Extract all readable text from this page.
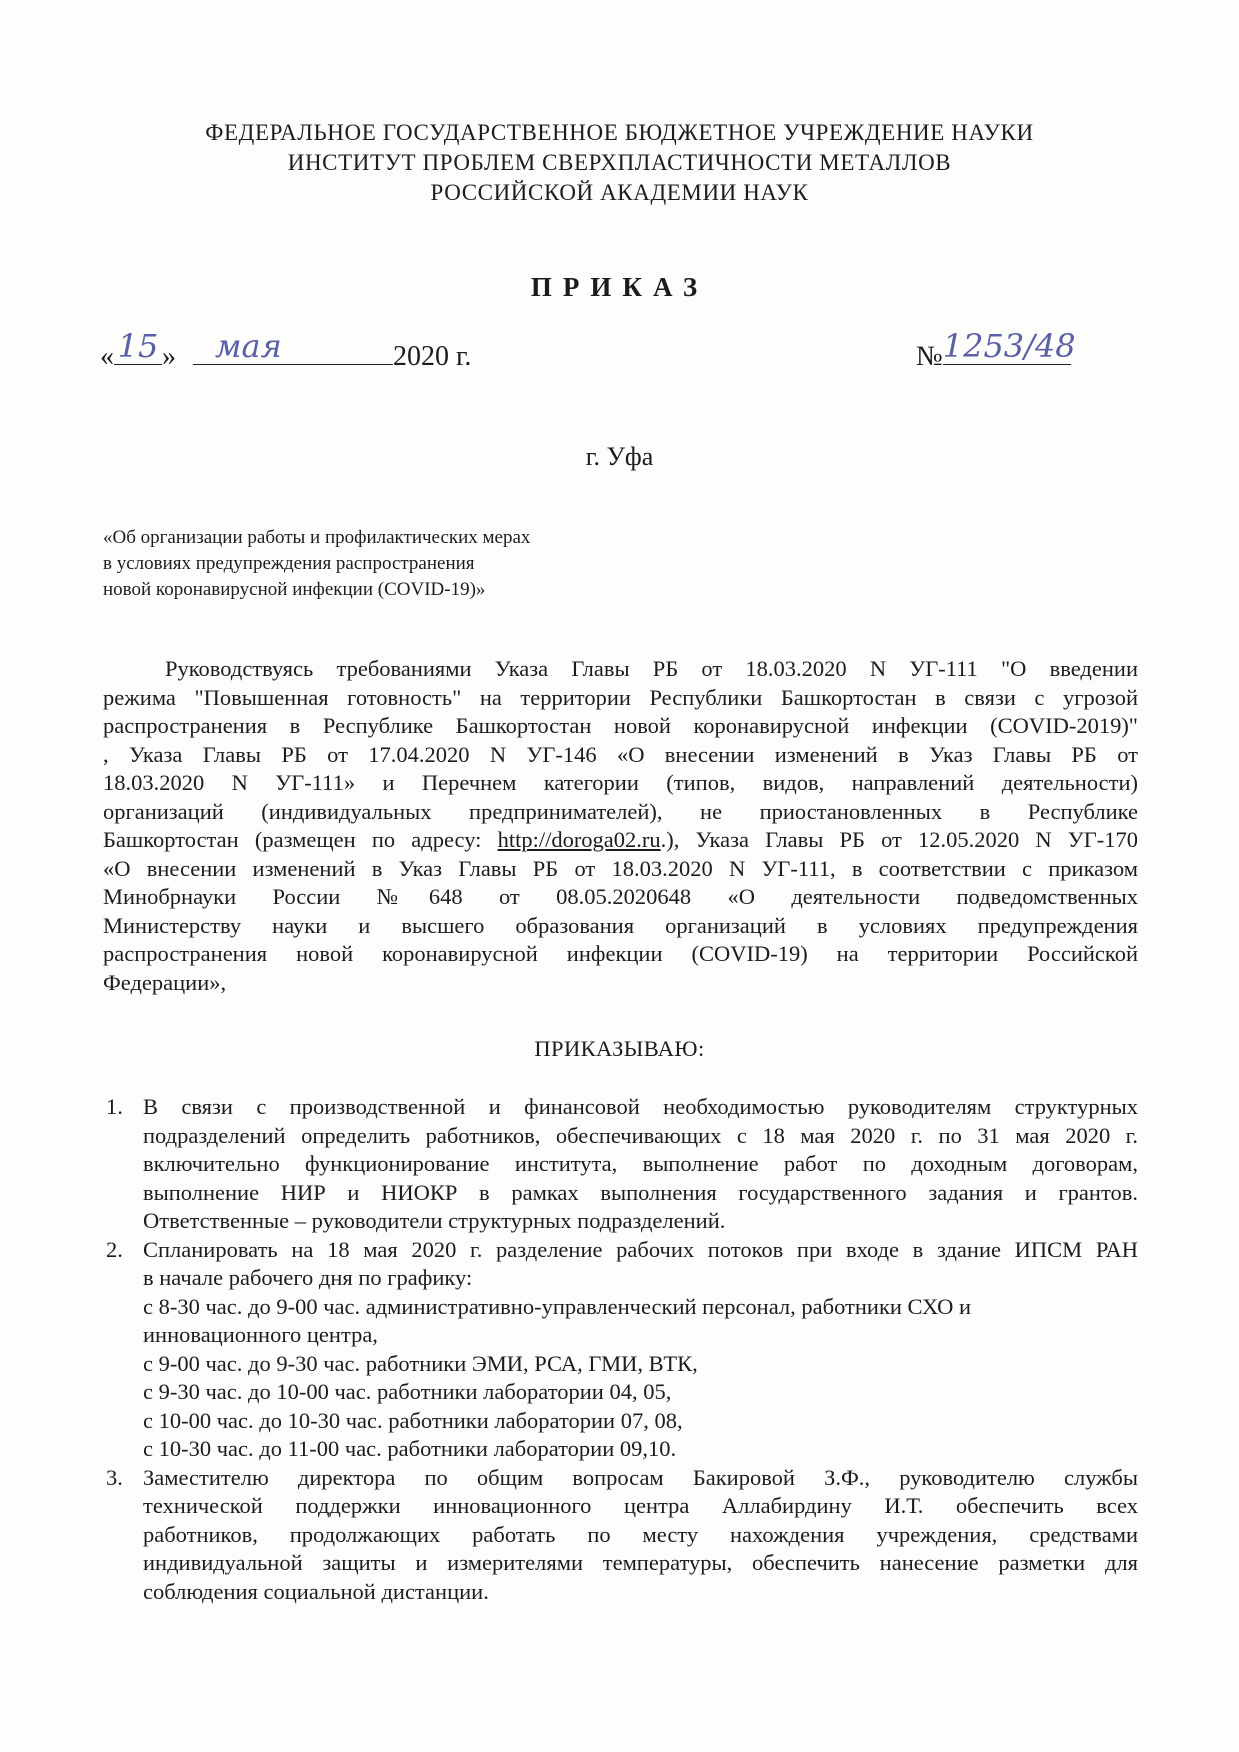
ФЕДЕРАЛЬНОЕ ГОСУДАРСТВЕННОЕ БЮДЖЕТНОЕ УЧРЕЖДЕНИЕ НАУКИ
ИНСТИТУТ ПРОБЛЕМ СВЕРХПЛАСТИЧНОСТИ МЕТАЛЛОВ
РОССИЙСКОЙ АКАДЕМИИ НАУК
ПРИКАЗ
« 15 »	мая	2020 г.	№ 1253/48
г. Уфа
«Об организации работы и профилактических мерах
в условиях предупреждения распространения
новой коронавирусной инфекции (COVID-19)»
Руководствуясь требованиями Указа Главы РБ от 18.03.2020 N УГ-111 "О введении
режима "Повышенная готовность" на территории Республики Башкортостан в связи с угрозой
распространения в Республике Башкортостан новой коронавирусной инфекции (COVID-2019)"
, Указа Главы РБ от 17.04.2020 N УГ-146 «О внесении изменений в Указ Главы РБ от
18.03.2020 N УГ-111» и Перечнем категории (типов, видов, направлений деятельности)
организаций (индивидуальных предпринимателей), не приостановленных в Республике
Башкортостан (размещен по адресу: http://doroga02.ru.), Указа Главы РБ от 12.05.2020 N УГ-170
«О внесении изменений в Указ Главы РБ от 18.03.2020 N УГ-111, в соответствии с приказом
Минобрнауки России №648 от 08.05.2020648 «О деятельности подведомственных
Министерству науки и высшего образования организаций в условиях предупреждения
распространения новой коронавирусной инфекции (COVID-19) на территории Российской
Федерации»,
ПРИКАЗЫВАЮ:
1. В связи с производственной и финансовой необходимостью руководителям структурных
подразделений определить работников, обеспечивающих с 18 мая 2020 г. по 31 мая 2020 г.
включительно функционирование института, выполнение работ по доходным договорам,
выполнение НИР и НИОКР в рамках выполнения государственного задания и грантов.
Ответственные – руководители структурных подразделений.
2. Спланировать на 18 мая 2020 г. разделение рабочих потоков при входе в здание ИПСМ РАН
в начале рабочего дня по графику:
с 8-30 час. до 9-00 час. административно-управленческий персонал, работники СХО и
инновационного центра,
с 9-00 час. до 9-30 час. работники ЭМИ, РСА, ГМИ, ВТК,
с 9-30 час. до 10-00 час. работники лаборатории 04, 05,
с 10-00 час. до 10-30 час. работники лаборатории 07, 08,
с 10-30 час. до 11-00 час. работники лаборатории 09,10.
3. Заместителю директора по общим вопросам Бакировой З.Ф., руководителю службы
технической поддержки инновационного центра Аллабирдину И.Т. обеспечить всех
работников, продолжающих работать по месту нахождения учреждения, средствами
индивидуальной защиты и измерителями температуры, обеспечить нанесение разметки для
соблюдения социальной дистанции.
